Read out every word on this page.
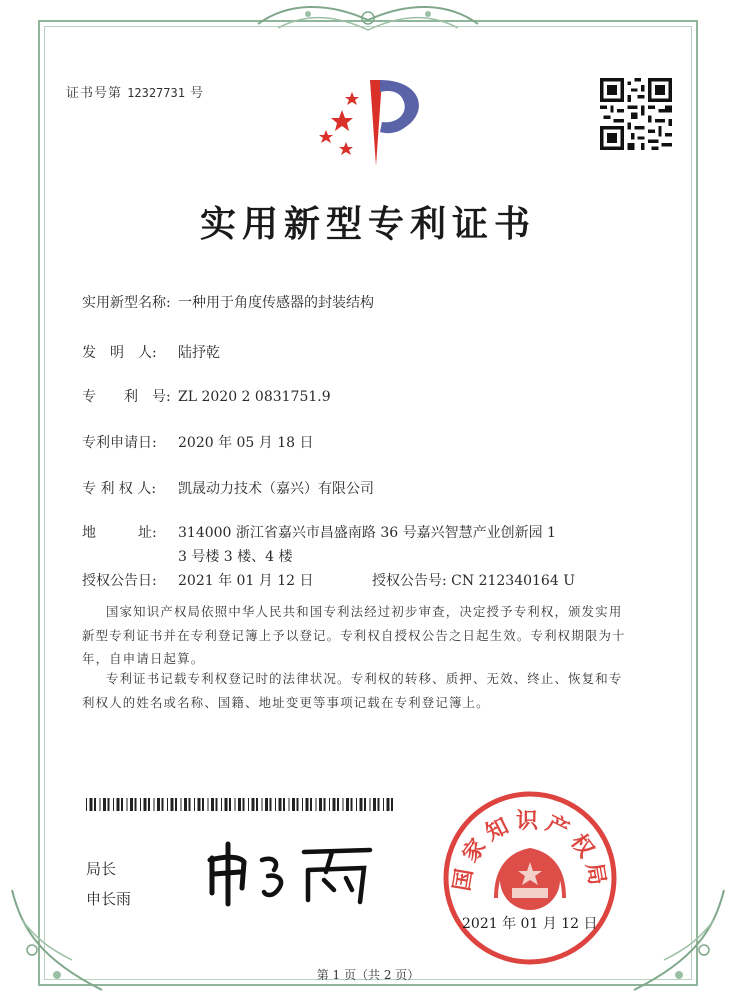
证书号第 12327731 号
实用新型专利证书
实用新型名称: 一种用于角度传感器的封装结构
发　明　人: 陆抒乾
专　　利　号: ZL 2020 2 0831751.9
专利申请日: 2020 年 05 月 18 日
专 利 权 人: 凯晟动力技术（嘉兴）有限公司
地　　　址: 314000 浙江省嘉兴市昌盛南路 36 号嘉兴智慧产业创新园 1
3 号楼 3 楼、4 楼
授权公告日: 2021 年 01 月 12 日	授权公告号: CN 212340164 U
国家知识产权局依照中华人民共和国专利法经过初步审查，决定授予专利权，颁发实用
新型专利证书并在专利登记簿上予以登记。专利权自授权公告之日起生效。专利权期限为十
年，自申请日起算。
专利证书记载专利权登记时的法律状况。专利权的转移、质押、无效、终止、恢复和专
利权人的姓名或名称、国籍、地址变更等事项记载在专利登记簿上。
局长
申长雨
国家知识产权局
2021 年 01 月 12 日
第 1 页（共 2 页）
